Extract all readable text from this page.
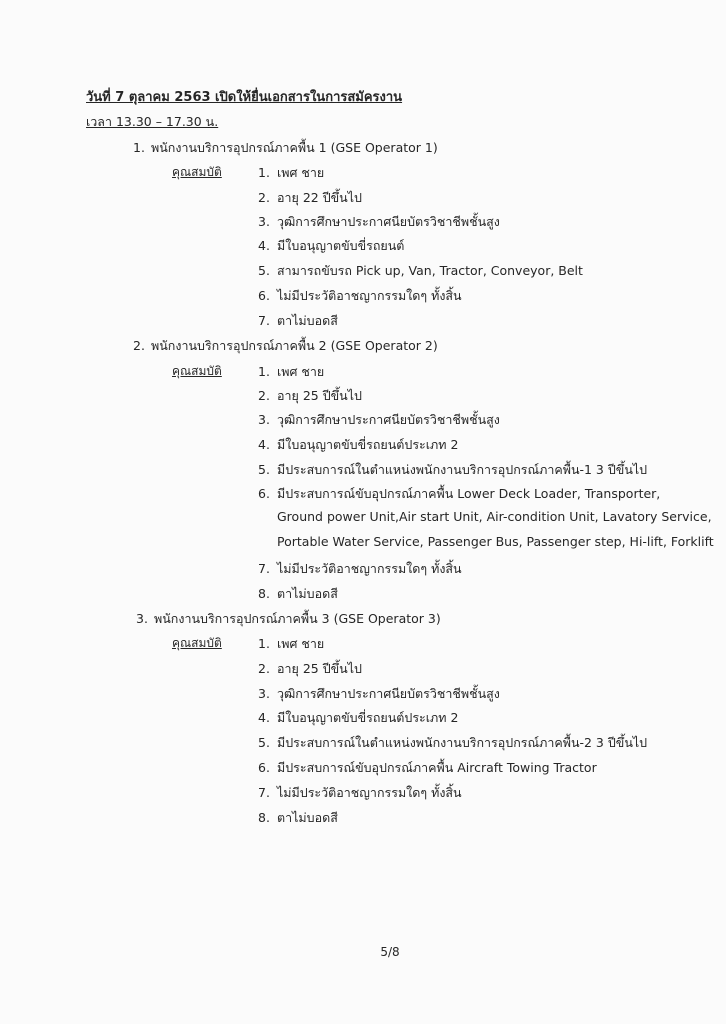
วันที่ 7 ตุลาคม 2563 เปิดให้ยื่นเอกสารในการสมัครงาน
เวลา 13.30 – 17.30 น.
1. พนักงานบริการอุปกรณ์ภาคพื้น 1 (GSE Operator 1)
คุณสมบัติ	1. เพศ ชาย
2. อายุ 22 ปีขึ้นไป
3. วุฒิการศึกษาประกาศนียบัตรวิชาชีพชั้นสูง
4. มีใบอนุญาตขับขี่รถยนต์
5. สามารถขับรถ Pick up, Van, Tractor, Conveyor, Belt
6. ไม่มีประวัติอาชญากรรมใดๆ ทั้งสิ้น
7. ตาไม่บอดสี
2. พนักงานบริการอุปกรณ์ภาคพื้น 2 (GSE Operator 2)
คุณสมบัติ	1. เพศ ชาย
2. อายุ 25 ปีขึ้นไป
3. วุฒิการศึกษาประกาศนียบัตรวิชาชีพชั้นสูง
4. มีใบอนุญาตขับขี่รถยนต์ประเภท 2
5. มีประสบการณ์ในตำแหน่งพนักงานบริการอุปกรณ์ภาคพื้น-1 3 ปีขึ้นไป
6. มีประสบการณ์ขับอุปกรณ์ภาคพื้น Lower Deck Loader, Transporter,
Ground power Unit,Air start Unit, Air-condition Unit, Lavatory Service,
Portable Water Service, Passenger Bus, Passenger step, Hi-lift, Forklift
7. ไม่มีประวัติอาชญากรรมใดๆ ทั้งสิ้น
8. ตาไม่บอดสี
3. พนักงานบริการอุปกรณ์ภาคพื้น 3 (GSE Operator 3)
คุณสมบัติ	1. เพศ ชาย
2. อายุ 25 ปีขึ้นไป
3. วุฒิการศึกษาประกาศนียบัตรวิชาชีพชั้นสูง
4. มีใบอนุญาตขับขี่รถยนต์ประเภท 2
5. มีประสบการณ์ในตำแหน่งพนักงานบริการอุปกรณ์ภาคพื้น-2 3 ปีขึ้นไป
6. มีประสบการณ์ขับอุปกรณ์ภาคพื้น Aircraft Towing Tractor
7. ไม่มีประวัติอาชญากรรมใดๆ ทั้งสิ้น
8. ตาไม่บอดสี
5/8
